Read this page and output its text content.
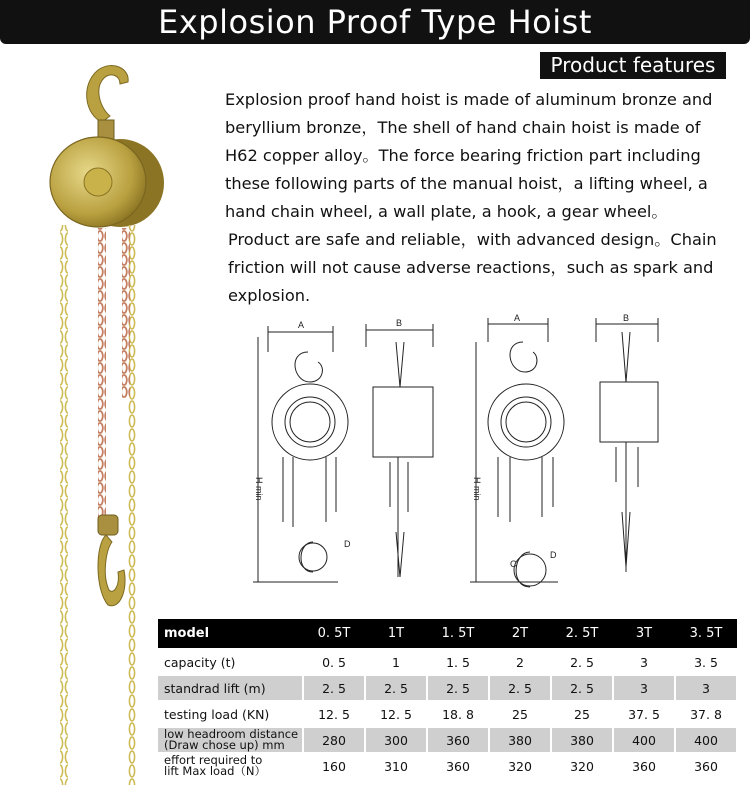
Explosion Proof Type Hoist
Product features

Explosion proof hand hoist is made of aluminum bronze and beryllium bronze，The shell of hand chain hoist is made of H62 copper alloy。The force bearing friction part including these following parts of the manual hoist，a lifting wheel, a hand chain wheel, a wall plate, a hook, a gear wheel。

Product are safe and reliable，with advanced design。Chain friction will not cause adverse reactions，such as spark and explosion.

A	B
H min
D
A	B
H min
C
D
model	0. 5T	1T	1. 5T	2T	2. 5T	3T	3. 5T
capacity (t)	0. 5	1	1. 5	2	2. 5	3	3. 5
standrad lift (m)	2. 5	2. 5	2. 5	2. 5	2. 5	3	3
testing load (KN)	12. 5	12. 5	18. 8	25	25	37. 5	37. 8
low headroom distance
(Draw chose up) mm	280	300	360	380	380	400	400
effort required to
lift Max load（N）	160	310	360	320	320	360	360
